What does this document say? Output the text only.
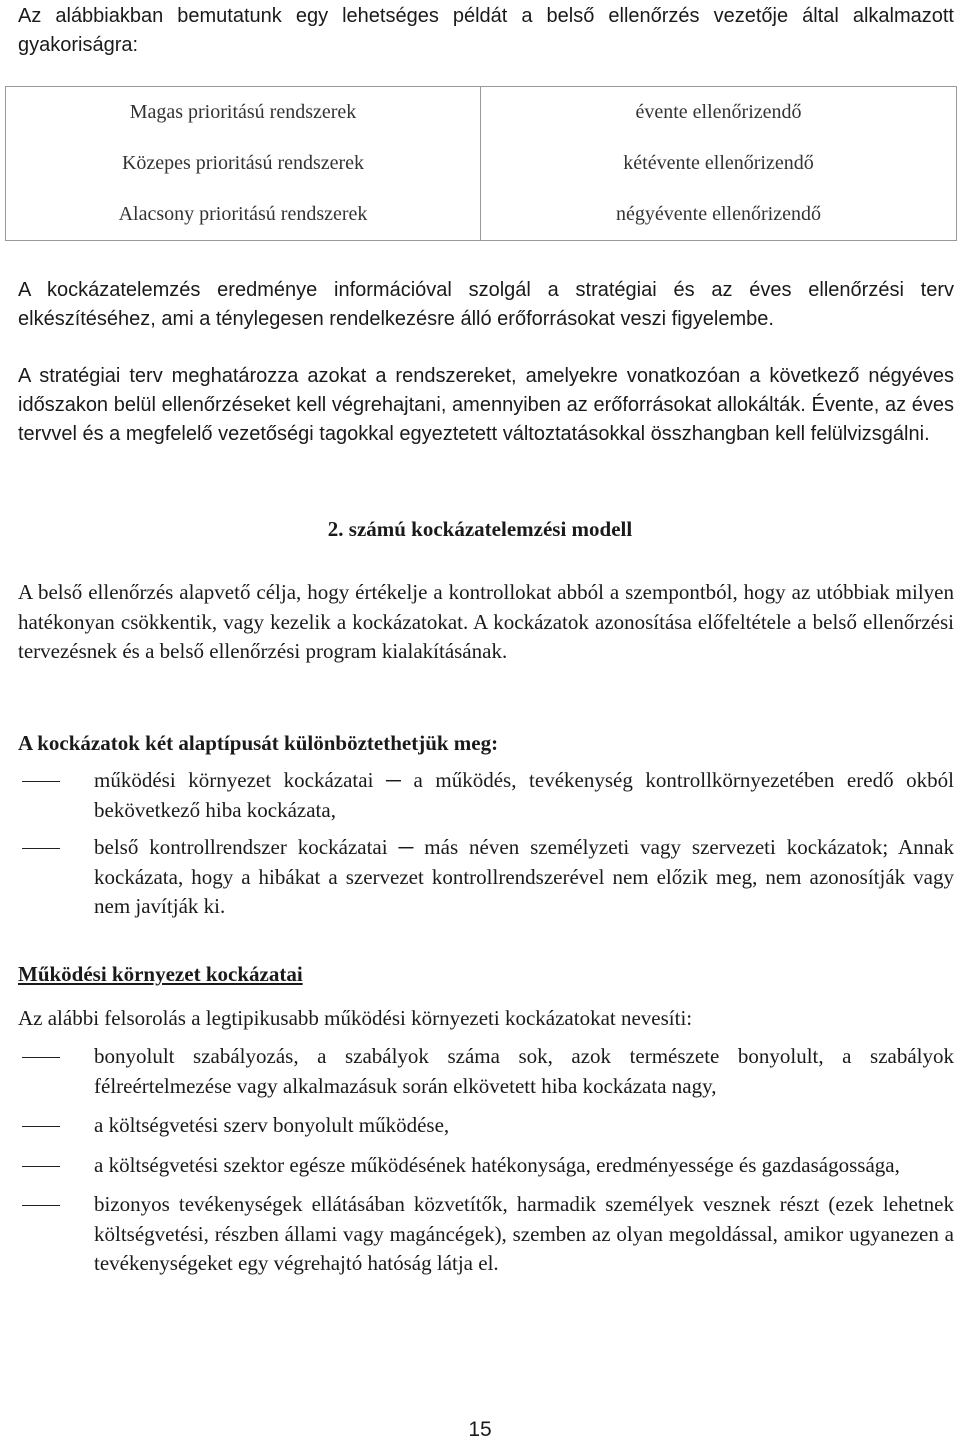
Az alábbiakban bemutatunk egy lehetséges példát a belső ellenőrzés vezetője által alkalmazott gyakoriságra:

Magas prioritású rendszerek	évente ellenőrizendő
Közepes prioritású rendszerek	kétévente ellenőrizendő
Alacsony prioritású rendszerek	négyévente ellenőrizendő

A kockázatelemzés eredménye információval szolgál a stratégiai és az éves ellenőrzési terv elkészítéséhez, ami a ténylegesen rendelkezésre álló erőforrásokat veszi figyelembe.

A stratégiai terv meghatározza azokat a rendszereket, amelyekre vonatkozóan a következő négyéves időszakon belül ellenőrzéseket kell végrehajtani, amennyiben az erőforrásokat allokálták. Évente, az éves tervvel és a megfelelő vezetőségi tagokkal egyeztetett változtatásokkal összhangban kell felülvizsgálni.

2. számú kockázatelemzési modell

A belső ellenőrzés alapvető célja, hogy értékelje a kontrollokat abból a szempontból, hogy az utóbbiak milyen hatékonyan csökkentik, vagy kezelik a kockázatokat. A kockázatok azonosítása előfeltétele a belső ellenőrzési tervezésnek és a belső ellenőrzési program kialakításának.

A kockázatok két alaptípusát különböztethetjük meg:

működési környezet kockázatai ─ a működés, tevékenység kontrollkörnyezetében eredő okból bekövetkező hiba kockázata,
belső kontrollrendszer kockázatai ─ más néven személyzeti vagy szervezeti kockázatok; Annak kockázata, hogy a hibákat a szervezet kontrollrendszerével nem előzik meg, nem azonosítják vagy nem javítják ki.

Működési környezet kockázatai

Az alábbi felsorolás a legtipikusabb működési környezeti kockázatokat nevesíti:

bonyolult szabályozás, a szabályok száma sok, azok természete bonyolult, a szabályok félreértelmezése vagy alkalmazásuk során elkövetett hiba kockázata nagy,
a költségvetési szerv bonyolult működése,
a költségvetési szektor egésze működésének hatékonysága, eredményessége és gazdaságossága,
bizonyos tevékenységek ellátásában közvetítők, harmadik személyek vesznek részt (ezek lehetnek költségvetési, részben állami vagy magáncégek), szemben az olyan megoldással, amikor ugyanezen a tevékenységeket egy végrehajtó hatóság látja el.
15
